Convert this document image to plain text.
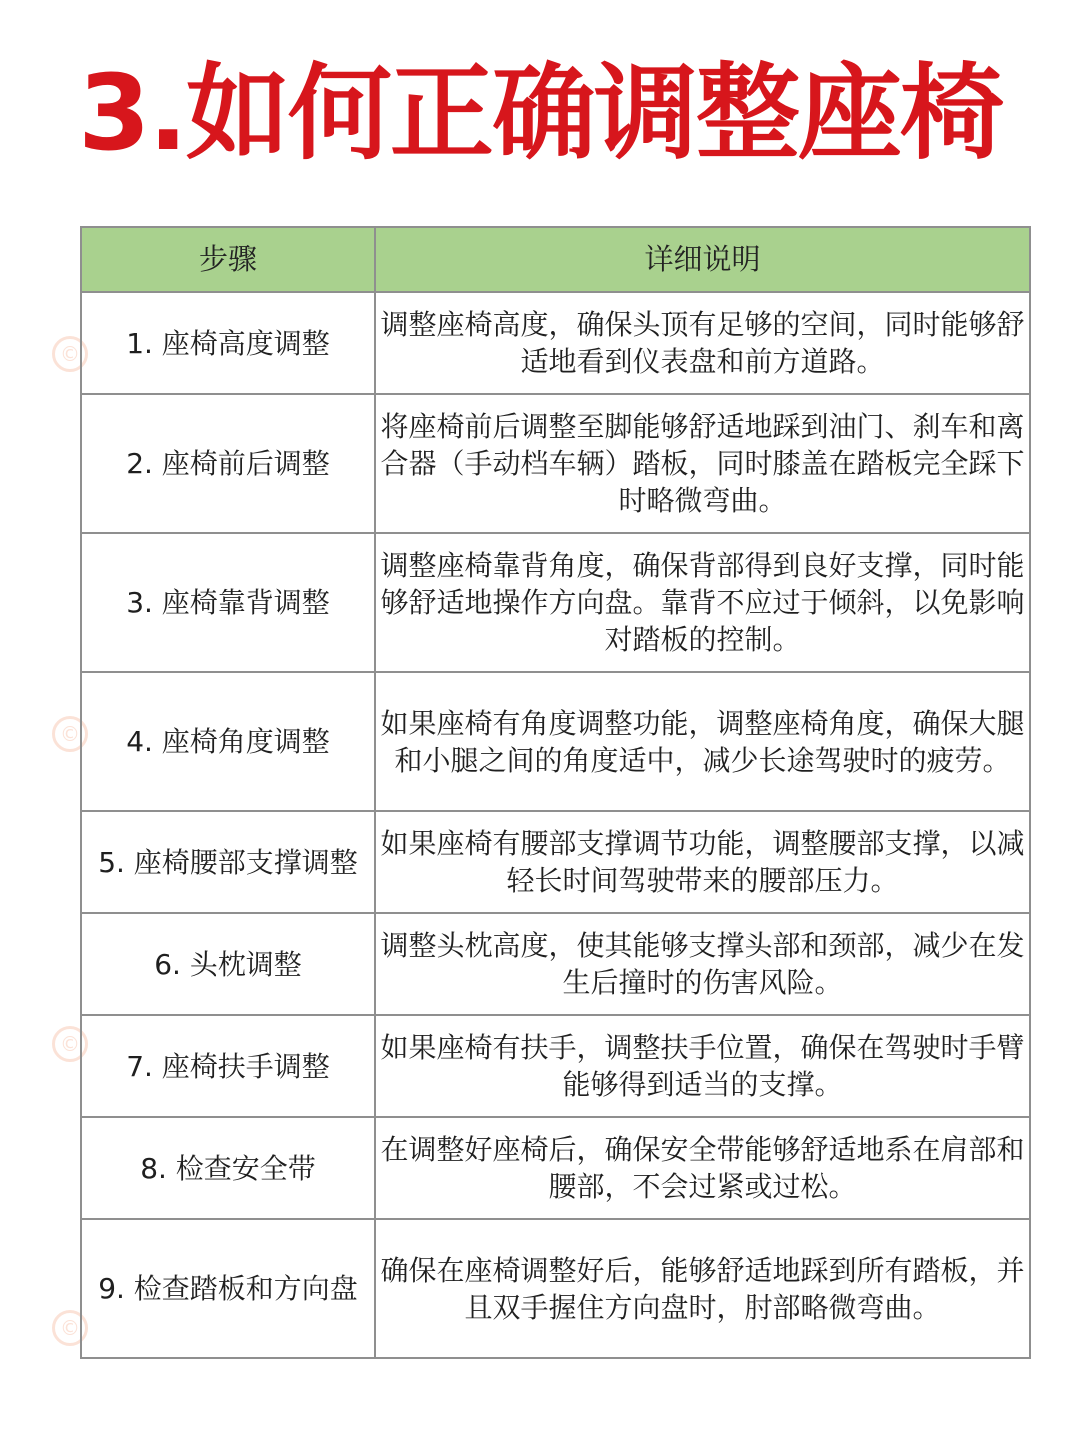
3.如何正确调整座椅
©
©
©
©
步骤	详细说明
1. 座椅高度调整	调整座椅高度，确保头顶有足够的空间，同时能够舒适地看到仪表盘和前方道路。
2. 座椅前后调整	将座椅前后调整至脚能够舒适地踩到油门、刹车和离合器（手动档车辆）踏板，同时膝盖在踏板完全踩下时略微弯曲。
3. 座椅靠背调整	调整座椅靠背角度，确保背部得到良好支撑，同时能够舒适地操作方向盘。靠背不应过于倾斜，以免影响对踏板的控制。
4. 座椅角度调整	如果座椅有角度调整功能，调整座椅角度，确保大腿和小腿之间的角度适中，减少长途驾驶时的疲劳。
5. 座椅腰部支撑调整	如果座椅有腰部支撑调节功能，调整腰部支撑，以减轻长时间驾驶带来的腰部压力。
6. 头枕调整	调整头枕高度，使其能够支撑头部和颈部，减少在发生后撞时的伤害风险。
7. 座椅扶手调整	如果座椅有扶手，调整扶手位置，确保在驾驶时手臂能够得到适当的支撑。
8. 检查安全带	在调整好座椅后，确保安全带能够舒适地系在肩部和腰部，不会过紧或过松。
9. 检查踏板和方向盘	确保在座椅调整好后，能够舒适地踩到所有踏板，并且双手握住方向盘时，肘部略微弯曲。
